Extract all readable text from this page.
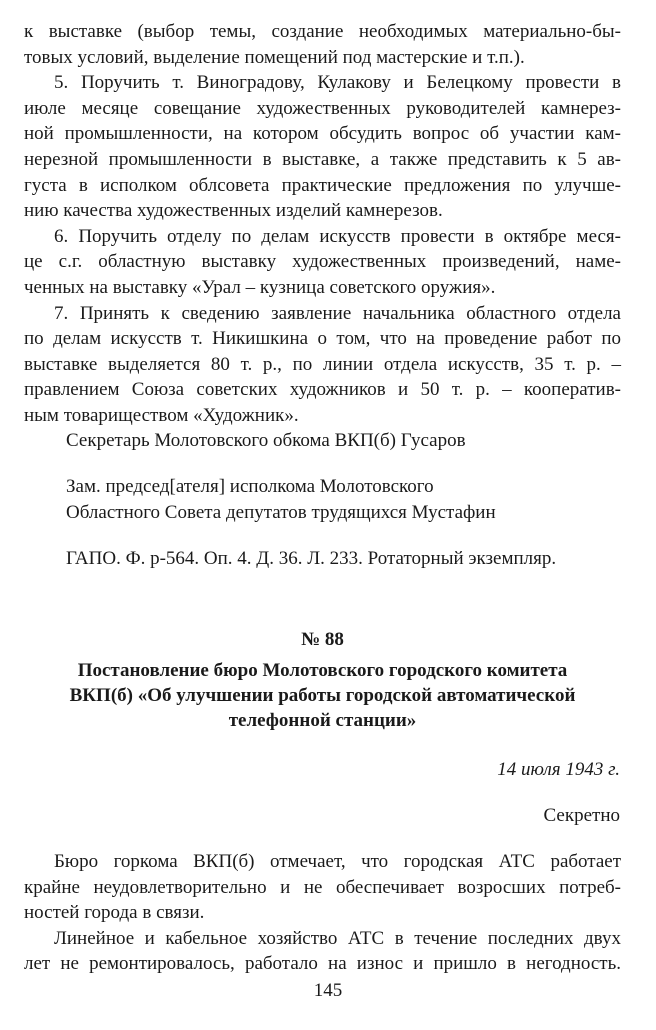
к выставке (выбор темы, создание необходимых материально-бы-
товых условий, выделение помещений под мастерские и т.п.).
5. Поручить т. Виноградову, Кулакову и Белецкому провести в
июле месяце совещание художественных руководителей камнерез-
ной промышленности, на котором обсудить вопрос об участии кам-
нерезной промышленности в выставке, а также представить к 5 ав-
густа в исполком облсовета практические предложения по улучше-
нию качества художественных изделий камнерезов.
6. Поручить отделу по делам искусств провести в октябре меся-
це с.г. областную выставку художественных произведений, наме-
ченных на выставку «Урал – кузница советского оружия».
7. Принять к сведению заявление начальника областного отдела
по делам искусств т. Никишкина о том, что на проведение работ по
выставке выделяется 80 т. р., по линии отдела искусств, 35 т. р. –
правлением Союза советских художников и 50 т. р. – кооператив-
ным товариществом «Художник».
Секретарь Молотовского обкома ВКП(б) Гусаров
Зам. председ[ателя] исполкома Молотовского
Областного Совета депутатов трудящихся Мустафин
ГАПО. Ф. р-564. Оп. 4. Д. 36. Л. 233. Ротаторный экземпляр.
№ 88
Постановление бюро Молотовского городского комитета
ВКП(б) «Об улучшении работы городской автоматической
телефонной станции»
14 июля 1943 г.
Секретно
Бюро горкома ВКП(б) отмечает, что городская АТС работает
крайне неудовлетворительно и не обеспечивает возросших потреб-
ностей города в связи.
Линейное и кабельное хозяйство АТС в течение последних двух
лет не ремонтировалось, работало на износ и пришло в негодность.
145
